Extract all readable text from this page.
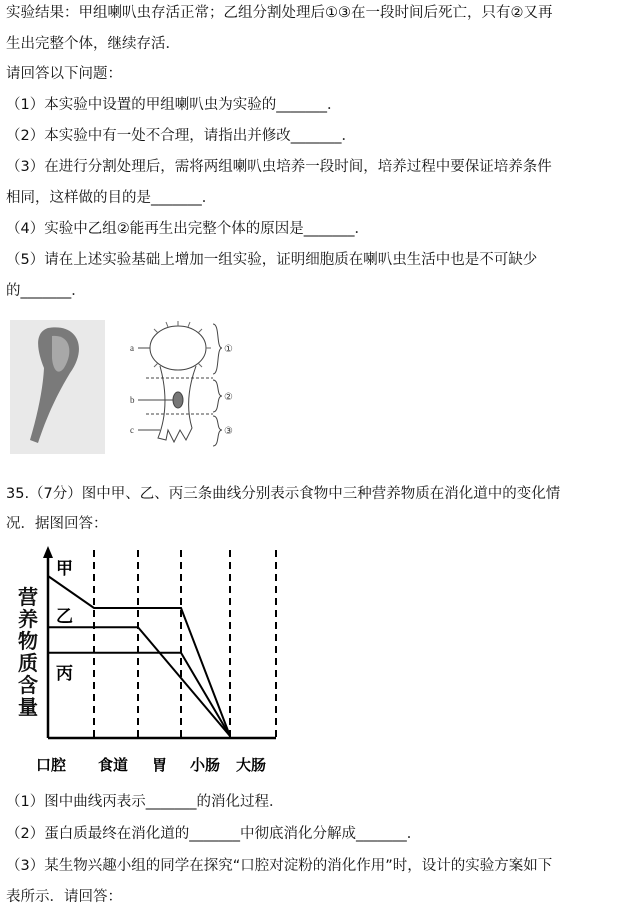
实验结果：甲组喇叭虫存活正常；乙组分割处理后①③在一段时间后死亡，只有②又再
生出完整个体，继续存活．
请回答以下问题：
（1）本实验中设置的甲组喇叭虫为实验的_______．
（2）本实验中有一处不合理，请指出并修改_______．
（3）在进行分割处理后，需将两组喇叭虫培养一段时间，培养过程中要保证培养条件
相同，这样做的目的是_______．
（4）实验中乙组②能再生出完整个体的原因是_______．
（5）请在上述实验基础上增加一组实验，证明细胞质在喇叭虫生活中也是不可缺少
的_______．
a
b
c
①
②
③
35.（7分）图中甲、乙、丙三条曲线分别表示食物中三种营养物质在消化道中的变化情
况．据图回答：
营养物质含量
甲
乙
丙
口腔 食道 胃 小肠 大肠
（1）图中曲线丙表示_______的消化过程．
（2）蛋白质最终在消化道的_______中彻底消化分解成_______．
（3）某生物兴趣小组的同学在探究“口腔对淀粉的消化作用”时，设计的实验方案如下
表所示．请回答：
